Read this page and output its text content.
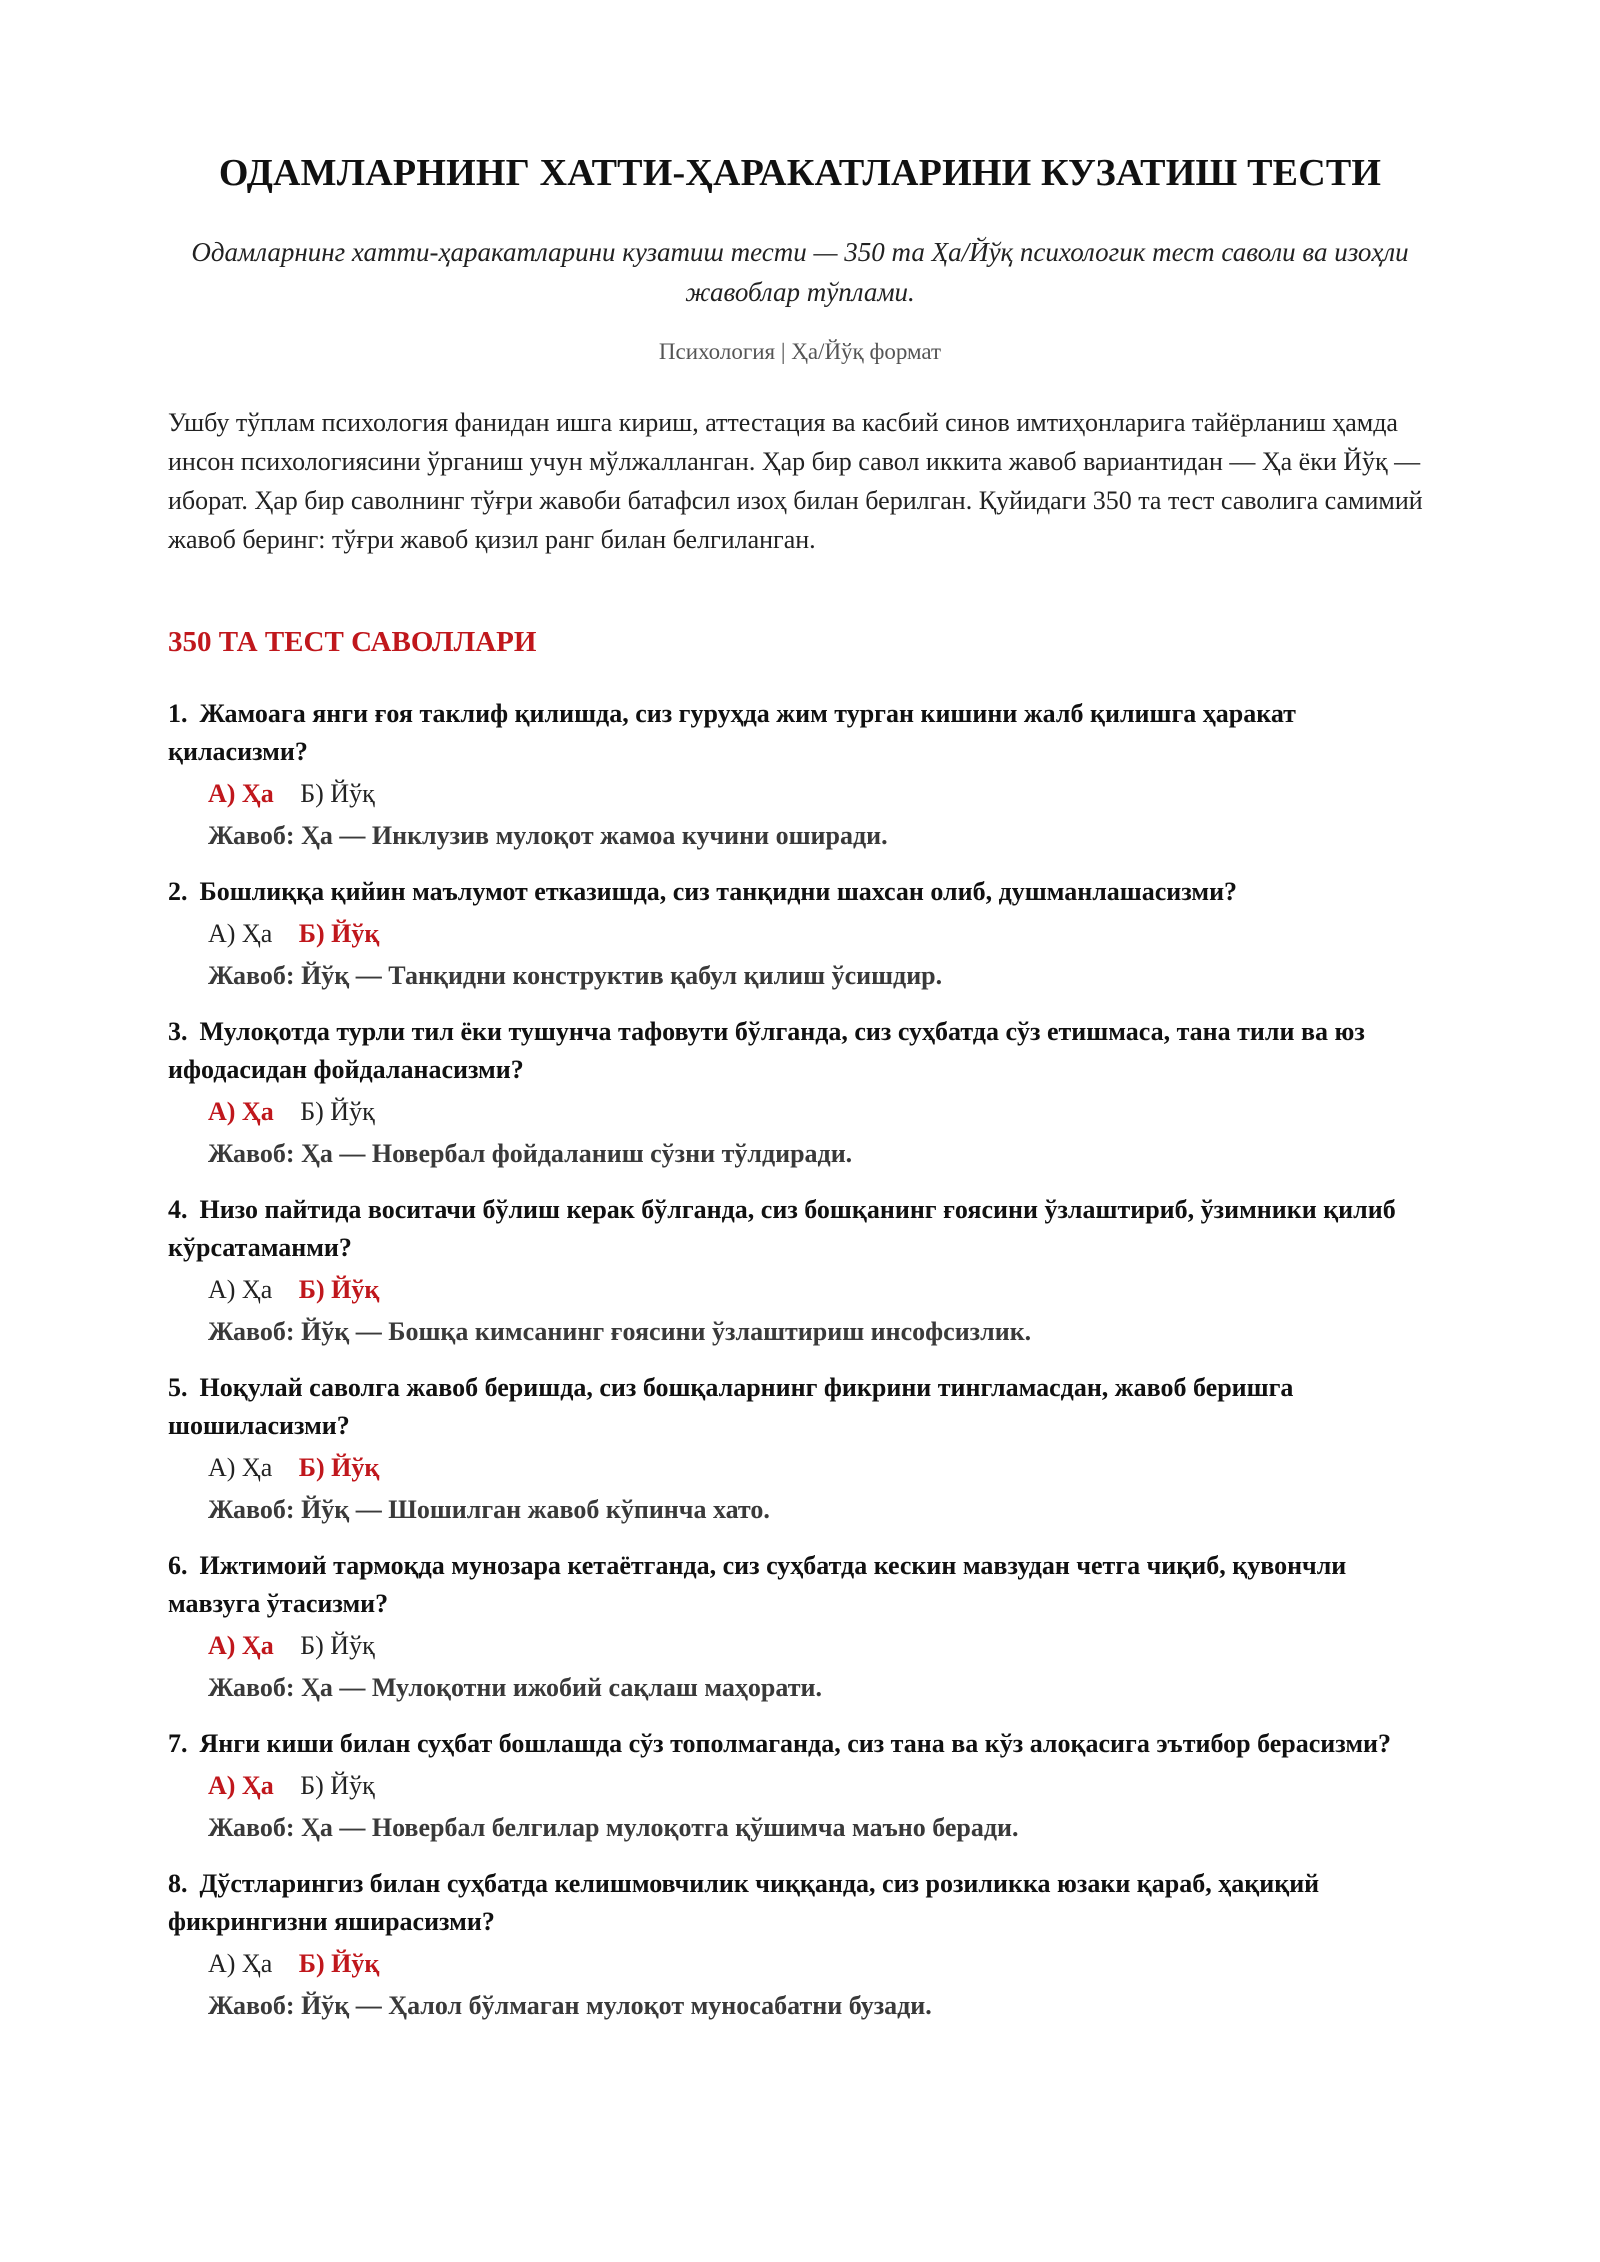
ОДАМЛАРНИНГ ХАТТИ-ҲАРАКАТЛАРИНИ КУЗАТИШ ТЕСТИ

Одамларнинг хатти-ҳаракатларини кузатиш тести — 350 та Ҳа/Йўқ психологик тест саволи ва изоҳли жавоблар тўплами.

Психология | Ҳа/Йўқ формат

Ушбу тўплам психология фанидан ишга кириш, аттестация ва касбий синов имтиҳонларига тайёрланиш ҳамда инсон психологиясини ўрганиш учун мўлжалланган. Ҳар бир савол иккита жавоб вариантидан — Ҳа ёки Йўқ — иборат. Ҳар бир саволнинг тўғри жавоби батафсил изоҳ билан берилган. Қуйидаги 350 та тест саволига самимий жавоб беринг: тўғри жавоб қизил ранг билан белгиланган.

350 ТА ТЕСТ САВОЛЛАРИ

1. Жамоага янги ғоя таклиф қилишда, сиз гуруҳда жим турган кишини жалб қилишга ҳаракат қиласизми?

А) Ҳа Б) Йўқ

Жавоб: Ҳа — Инклузив мулоқот жамоа кучини оширади.

2. Бошлиққа қийин маълумот етказишда, сиз танқидни шахсан олиб, душманлашасизми?

А) Ҳа Б) Йўқ

Жавоб: Йўқ — Танқидни конструктив қабул қилиш ўсишдир.

3. Мулоқотда турли тил ёки тушунча тафовути бўлганда, сиз суҳбатда сўз етишмаса, тана тили ва юз ифодасидан фойдаланасизми?

А) Ҳа Б) Йўқ

Жавоб: Ҳа — Новербал фойдаланиш сўзни тўлдиради.

4. Низо пайтида воситачи бўлиш керак бўлганда, сиз бошқанинг ғоясини ўзлаштириб, ўзимники қилиб кўрсатаманми?

А) Ҳа Б) Йўқ

Жавоб: Йўқ — Бошқа кимсанинг ғоясини ўзлаштириш инсофсизлик.

5. Ноқулай саволга жавоб беришда, сиз бошқаларнинг фикрини тингламасдан, жавоб беришга шошиласизми?

А) Ҳа Б) Йўқ

Жавоб: Йўқ — Шошилган жавоб кўпинча хато.

6. Ижтимоий тармоқда мунозара кетаётганда, сиз суҳбатда кескин мавзудан четга чиқиб, қувончли мавзуга ўтасизми?

А) Ҳа Б) Йўқ

Жавоб: Ҳа — Мулоқотни ижобий сақлаш маҳорати.

7. Янги киши билан суҳбат бошлашда сўз тополмаганда, сиз тана ва кўз алоқасига эътибор берасизми?

А) Ҳа Б) Йўқ

Жавоб: Ҳа — Новербал белгилар мулоқотга қўшимча маъно беради.

8. Дўстларингиз билан суҳбатда келишмовчилик чиққанда, сиз розиликка юзаки қараб, ҳақиқий фикрингизни яширасизми?

А) Ҳа Б) Йўқ

Жавоб: Йўқ — Ҳалол бўлмаган мулоқот муносабатни бузади.
